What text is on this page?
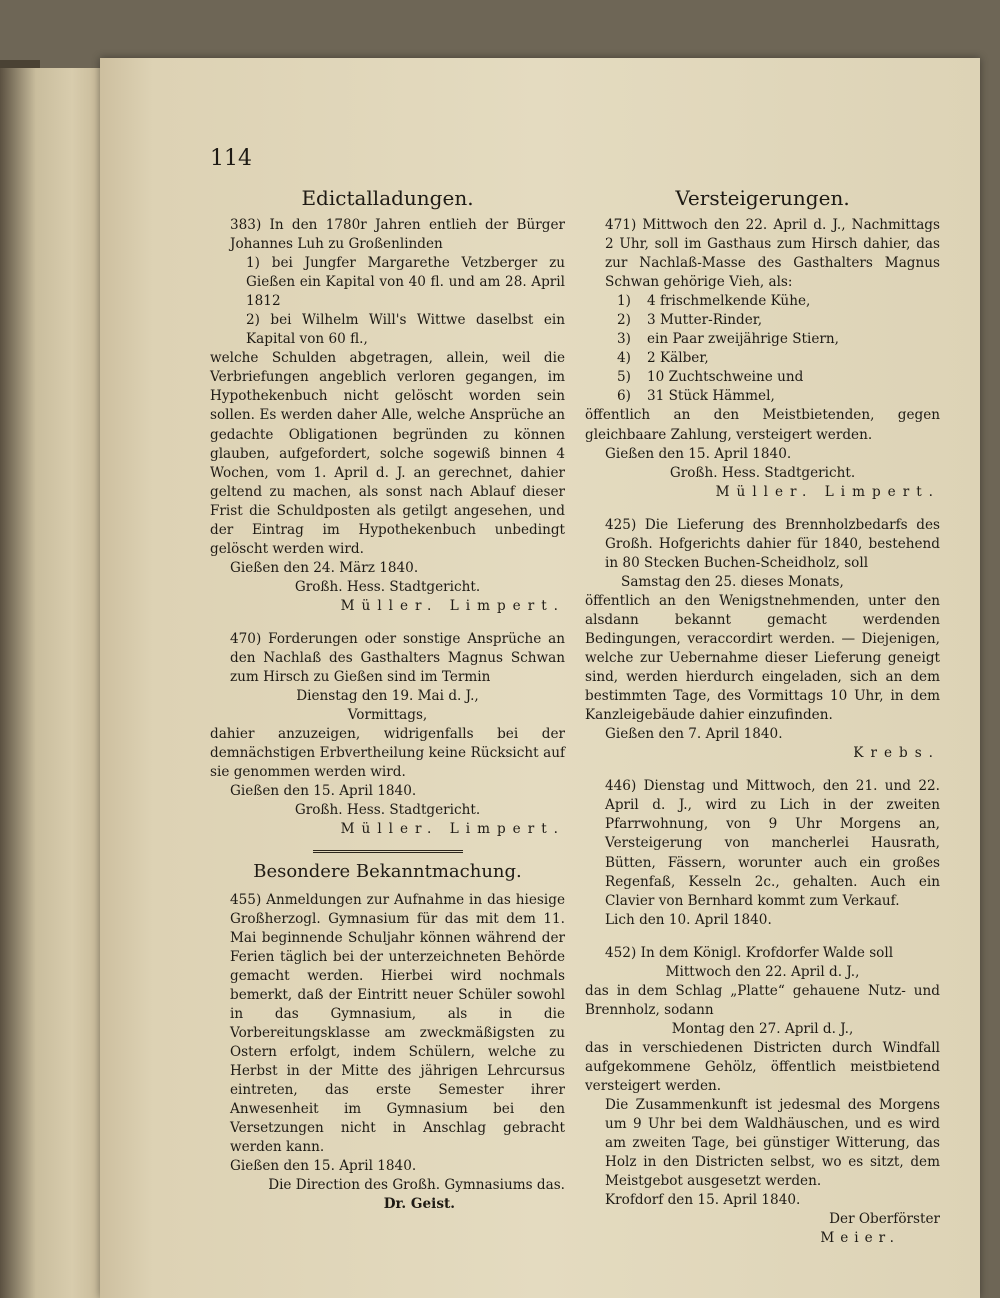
114
Edictalladungen.

383) In den 1780r Jahren entlieh der Bürger Johannes Luh zu Großenlinden

1) bei Jungfer Margarethe Vetzberger zu Gießen ein Kapital von 40 fl. und am 28. April 1812

2) bei Wilhelm Will's Wittwe daselbst ein Kapital von 60 fl.,

welche Schulden abgetragen, allein, weil die Verbriefungen angeblich verloren gegangen, im Hypothekenbuch nicht gelöscht worden sein sollen. Es werden daher Alle, welche Ansprüche an gedachte Obligationen begründen zu können glauben, aufgefordert, solche sogewiß binnen 4 Wochen, vom 1. April d. J. an gerechnet, dahier geltend zu machen, als sonst nach Ablauf dieser Frist die Schuldposten als getilgt angesehen, und der Eintrag im Hypothekenbuch unbedingt gelöscht werden wird.

Gießen den 24. März 1840.

Großh. Hess. Stadtgericht.

Müller. Limpert.

470) Forderungen oder sonstige Ansprüche an den Nachlaß des Gasthalters Magnus Schwan zum Hirsch zu Gießen sind im Termin

Dienstag den 19. Mai d. J.,

Vormittags,

dahier anzuzeigen, widrigenfalls bei der demnächstigen Erbvertheilung keine Rücksicht auf sie genommen werden wird.

Gießen den 15. April 1840.

Großh. Hess. Stadtgericht.

Müller. Limpert.

Besondere Bekanntmachung.

455) Anmeldungen zur Aufnahme in das hiesige Großherzogl. Gymnasium für das mit dem 11. Mai beginnende Schuljahr können während der Ferien täglich bei der unterzeichneten Behörde gemacht werden. Hierbei wird nochmals bemerkt, daß der Eintritt neuer Schüler sowohl in das Gymnasium, als in die Vorbereitungsklasse am zweckmäßigsten zu Ostern erfolgt, indem Schülern, welche zu Herbst in der Mitte des jährigen Lehrcursus eintreten, das erste Semester ihrer Anwesenheit im Gymnasium bei den Versetzungen nicht in Anschlag gebracht werden kann.

Gießen den 15. April 1840.

Die Direction des Großh. Gymnasiums das.

Dr. Geist.

Versteigerungen.

471) Mittwoch den 22. April d. J., Nachmittags 2 Uhr, soll im Gasthaus zum Hirsch dahier, das zur Nachlaß-Masse des Gasthalters Magnus Schwan gehörige Vieh, als:

1)	4 frischmelkende Kühe,
2)	3 Mutter-Rinder,
3)	ein Paar zweijährige Stiern,
4)	2 Kälber,
5)	10 Zuchtschweine und
6)	31 Stück Hämmel,

öffentlich an den Meistbietenden, gegen gleichbaare Zahlung, versteigert werden.

Gießen den 15. April 1840.

Großh. Hess. Stadtgericht.

Müller. Limpert.

425) Die Lieferung des Brennholzbedarfs des Großh. Hofgerichts dahier für 1840, bestehend in 80 Stecken Buchen-Scheidholz, soll

Samstag den 25. dieses Monats,

öffentlich an den Wenigstnehmenden, unter den alsdann bekannt gemacht werdenden Bedingungen, veraccordirt werden. — Diejenigen, welche zur Uebernahme dieser Lieferung geneigt sind, werden hierdurch eingeladen, sich an dem bestimmten Tage, des Vormittags 10 Uhr, in dem Kanzleigebäude dahier einzufinden.

Gießen den 7. April 1840.

Krebs.

446) Dienstag und Mittwoch, den 21. und 22. April d. J., wird zu Lich in der zweiten Pfarrwohnung, von 9 Uhr Morgens an, Versteigerung von mancherlei Hausrath, Bütten, Fässern, worunter auch ein großes Regenfaß, Kesseln 2c., gehalten. Auch ein Clavier von Bernhard kommt zum Verkauf.

Lich den 10. April 1840.

452) In dem Königl. Krofdorfer Walde soll

Mittwoch den 22. April d. J.,

das in dem Schlag „Platte“ gehauene Nutz- und Brennholz, sodann

Montag den 27. April d. J.,

das in verschiedenen Districten durch Windfall aufgekommene Gehölz, öffentlich meistbietend versteigert werden.

Die Zusammenkunft ist jedesmal des Morgens um 9 Uhr bei dem Waldhäuschen, und es wird am zweiten Tage, bei günstiger Witterung, das Holz in den Districten selbst, wo es sitzt, dem Meistgebot ausgesetzt werden.

Krofdorf den 15. April 1840.

Der Oberförster

Meier.
